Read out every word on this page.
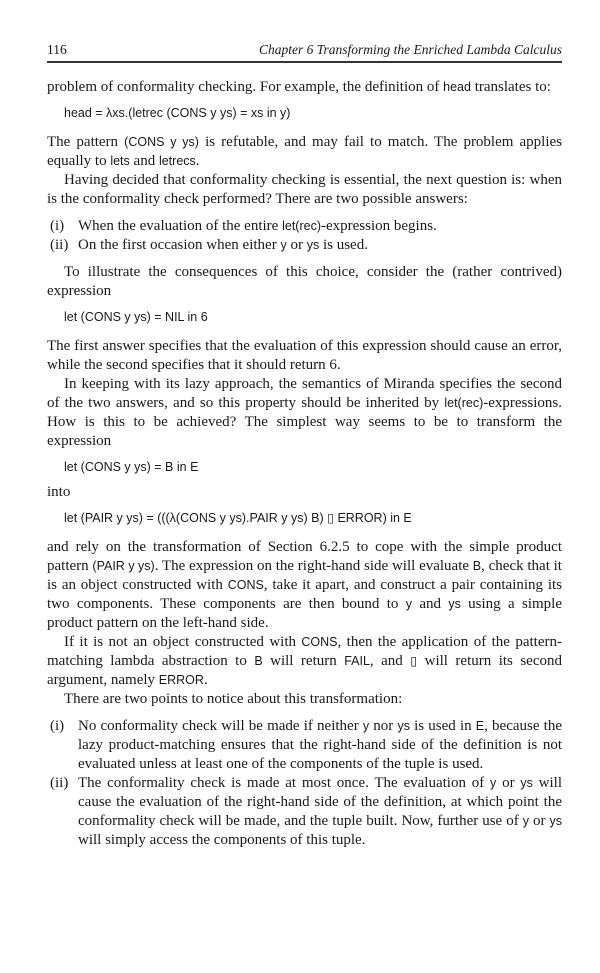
116	Chapter 6 Transforming the Enriched Lambda Calculus
problem of conformality checking. For example, the definition of head translates to:
head = λxs.(letrec (CONS y ys) = xs in y)
The pattern (CONS y ys) is refutable, and may fail to match. The problem applies equally to lets and letrecs.
Having decided that conformality checking is essential, the next question is: when is the conformality check performed? There are two possible answers:
(i) When the evaluation of the entire let(rec)-expression begins.
(ii) On the first occasion when either y or ys is used.
To illustrate the consequences of this choice, consider the (rather contrived) expression
let (CONS y ys) = NIL in 6
The first answer specifies that the evaluation of this expression should cause an error, while the second specifies that it should return 6.
In keeping with its lazy approach, the semantics of Miranda specifies the second of the two answers, and so this property should be inherited by let(rec)-expressions. How is this to be achieved? The simplest way seems to be to transform the expression
let (CONS y ys) = B in E
into
let (PAIR y ys) = (((λ(CONS y ys).PAIR y ys) B) ▯ ERROR) in E
and rely on the transformation of Section 6.2.5 to cope with the simple product pattern (PAIR y ys). The expression on the right-hand side will evaluate B, check that it is an object constructed with CONS, take it apart, and construct a pair containing its two components. These components are then bound to y and ys using a simple product pattern on the left-hand side.
If it is not an object constructed with CONS, then the application of the pattern-matching lambda abstraction to B will return FAIL, and ▯ will return its second argument, namely ERROR.
There are two points to notice about this transformation:
(i) No conformality check will be made if neither y nor ys is used in E, because the lazy product-matching ensures that the right-hand side of the definition is not evaluated unless at least one of the components of the tuple is used.
(ii) The conformality check is made at most once. The evaluation of y or ys will cause the evaluation of the right-hand side of the definition, at which point the conformality check will be made, and the tuple built. Now, further use of y or ys will simply access the components of this tuple.
